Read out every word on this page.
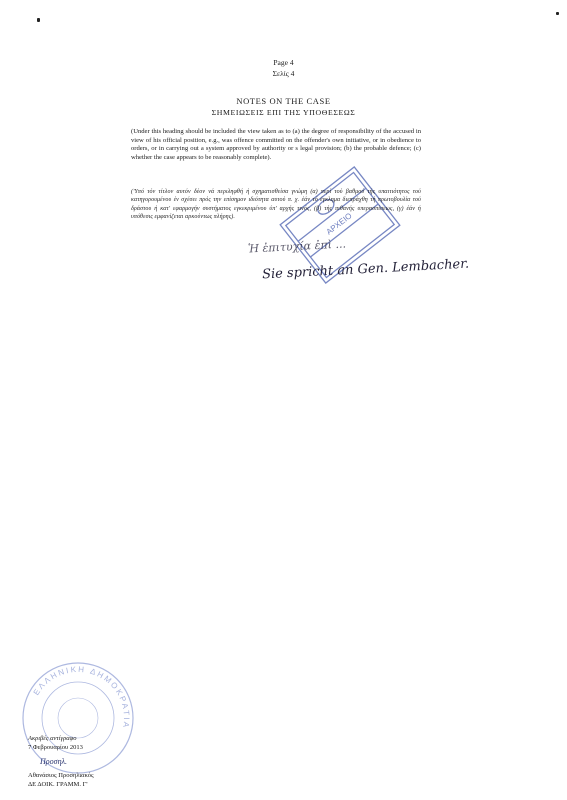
Page 4
Σελίς 4
NOTES ON THE CASE
ΣΗΜΕΙΩΣΕΙΣ ΕΠΙ ΤΗΣ ΥΠΟΘΕΣΕΩΣ
ΑΡΧΕΙΟ
(Under this heading should be included the view taken as to (a) the degree of responsibility of the accused in view of his official position, e.g., was offence committed on the offender's own initiative, or in obedience to orders, or in carrying out a system approved by authority or s legal provision; (b) the probable defence; (c) whether the case appears to be reasonably complete).
('Υπό τόν τίτλον αυτόν δέον νά περιληφθή ή σχηματισθείσα γνώμη (α) περί τού βαθμού τής υπαιτιότητος τού κατηγορουμένου έν σχέσει πρός την επίσημον ιδιότητα αυτού π. χ. έάν τό έγκλημα διεπράχθη τή πρωτοβουλία τού δράστου ή κατ' εφαρμογήν συστήματος εγκεκριμένου ύπ' αρχής τινός, (β) τής πιθανής υπερασπίσεως, (γ) έάν ή υπόθεσις εμφανίζεται αρκούντως πλήρης).
Ἡ ἐπιτυχία ἐπὶ ...
Sie spricht an Gen. Lembacher.
ΕΛΛΗΝΙΚΗ ΔΗΜΟΚΡΑΤΙΑ
Ακριβές αντίγραφο
7 Φεβρουαρίου 2013
Προσηλ.
Αθανάσιος Προσηλιακός
ΔΕ ΔΟΙΚ. ΓΡΑΜΜ. Γ'
